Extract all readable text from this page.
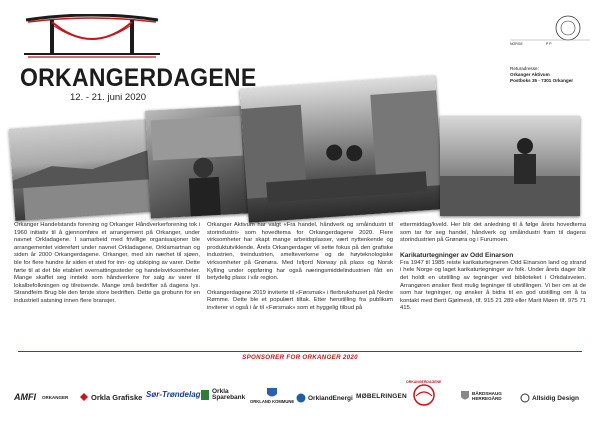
ORKANGERDAGENE
12. - 21. juni 2020
NORGE	P P
Returadresse:
Orkanger Aktivum
Postboks 35 - 7301 Orkanger

Orkanger Handelstands forening og Orkanger Håndverkerforening tok i 1960 initiativ til å gjennomføre et arrangement på Orkanger, under navnet Orkladagene. I samarbeid med frivillige organisasjoner ble arrangementet videreført under navnet Orkladagene, Orklamartnan og siden år 2000 Orkangerdagene. Orkanger, med sin nærhet til sjøen, ble for flere hundre år siden et sted for inn- og utskiping av varer. Dette førte til at det ble etablert overnattingssteder og handelsvirksomheter. Mange skaffet seg inntekt som håndverkere for salg av varer til lokalbefolkningen og tilreisende. Mange små bedrifter så dagens lys. Strandfeim Brug ble den første store bedriften. Dette ga grobunn for en industriell satsning innen flere bransjer.

Orkanger Aktivum har valgt «Fra handel, håndverk og småindustri til storindustri» som hovedtema for Orkangerdagene 2020. Flere virksomheter har skapt mange arbeidsplasser, vært nyttenkende og produktutviklende. Årets Orkangerdager vil sette fokus på den grafiske industrien, treindustrien, smelteverkene og de høyteknologiske virksomheter på Grønøra. Med Isfjord Norway på plass og Norsk Kylling under oppføring har også næringsmiddelindustrien fått en betydelig plass i vår region.

Orkangerdagene 2019 inviterte til «Førsmak» i flerbrukshuset på Nedre Rømme. Dette ble et populært tiltak. Etter henstilling fra publikum inviterer vi også i år til «Førsmak» som et hyggelig tilbud på

ettermiddag/kveld. Her blir det anledning til å følge årets hovedtema som tar for seg handel, håndverk og småindustri fram til dagens storindustrien på Grønøra og i Furumoen.

Karikaturtegninger av Odd Einarson

Fra 1947 til 1985 reiste karikaturtegneren Odd Einarson land og strand i hele Norge og laget karikaturtegninger av folk. Under årets dager blir det holdt en utstilling av tegninger ved biblioteket i Orkdalsveien. Arrangøren ønsker flest mulig tegninger til utstillingen. Vi ber om at de som har tegninger, og ønsker å bidra til en god utstilling om å ta kontakt med Berit Gjølmesli, tlf. 915 21 289 eller Marit Møen tlf. 975 71 415.

SPONSORER FOR ORKANGER 2020
AMFI ORKANGER	Orkla Grafiske Sør-Trøndelag Orkla Sparebank
ORKLAND KOMMUNE OrklandEnergi MØBELRINGEN
ORKANGERDAGENE
BÅRDSHAUG HERREGÅRD	Allsidig Design
